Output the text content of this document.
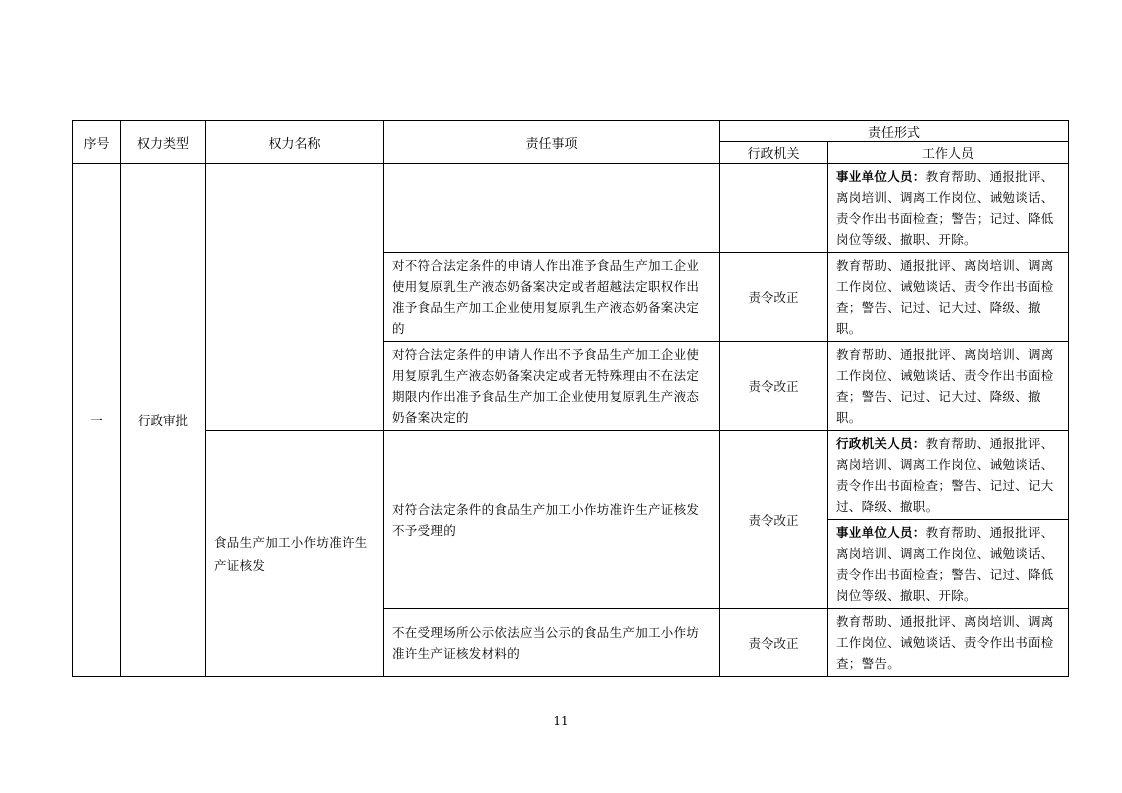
序号	权力类型	权力名称	责任事项	责任形式	
				行政机关	工作人员
一	行政审批				事业单位人员：教育帮助、通报批评、离岗培训、调离工作岗位、诫勉谈话、责令作出书面检查；警告；记过、降低岗位等级、撤职、开除。
			对不符合法定条件的申请人作出准予食品生产加工企业使用复原乳生产液态奶备案决定或者超越法定职权作出准予食品生产加工企业使用复原乳生产液态奶备案决定的	责令改正	教育帮助、通报批评、离岗培训、调离工作岗位、诫勉谈话、责令作出书面检查；警告、记过、记大过、降级、撤职。
			对符合法定条件的申请人作出不予食品生产加工企业使用复原乳生产液态奶备案决定或者无特殊理由不在法定期限内作出准予食品生产加工企业使用复原乳生产液态奶备案决定的	责令改正	教育帮助、通报批评、离岗培训、调离工作岗位、诫勉谈话、责令作出书面检查；警告、记过、记大过、降级、撤职。
		食品生产加工小作坊准许生产证核发	对符合法定条件的食品生产加工小作坊准许生产证核发不予受理的	责令改正	行政机关人员：教育帮助、通报批评、离岗培训、调离工作岗位、诫勉谈话、责令作出书面检查；警告、记过、记大过、降级、撤职。
					事业单位人员：教育帮助、通报批评、离岗培训、调离工作岗位、诫勉谈话、责令作出书面检查；警告、记过、降低岗位等级、撤职、开除。
			不在受理场所公示依法应当公示的食品生产加工小作坊准许生产证核发材料的	责令改正	教育帮助、通报批评、离岗培训、调离工作岗位、诫勉谈话、责令作出书面检查；警告。
11
